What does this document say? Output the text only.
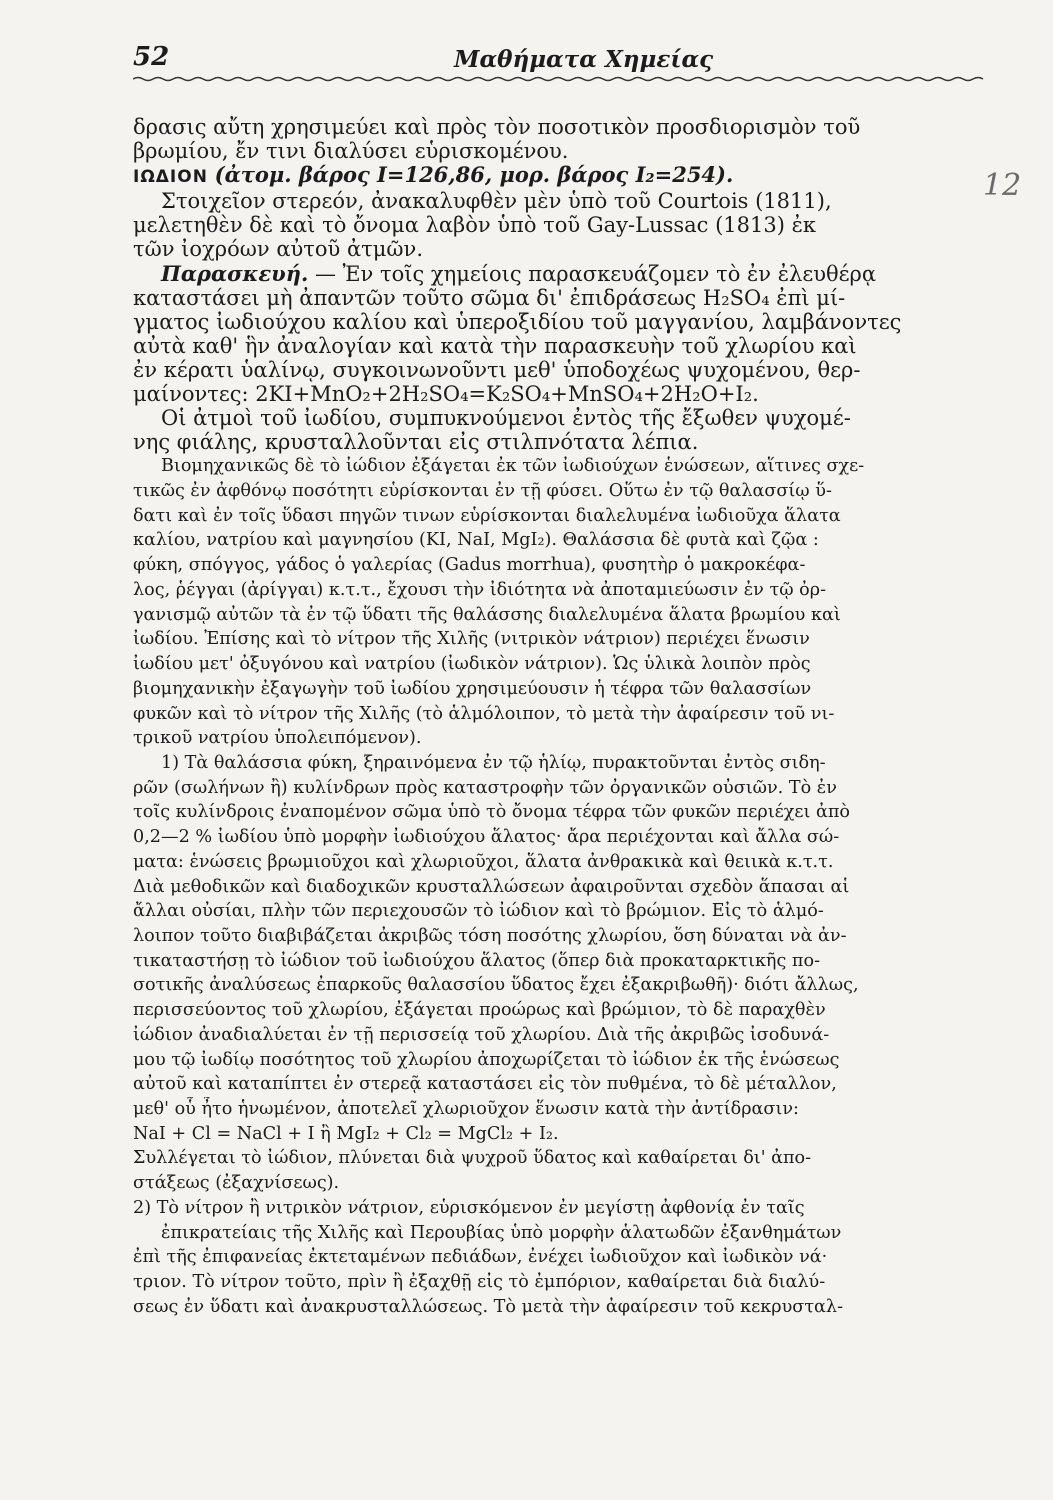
52	Μαθήματα Χημείας
12
δρασις αὔτη χρησιμεύει καὶ πρὸς τὸν ποσοτικὸν προσδιορισμὸν τοῦ
βρωμίου, ἔν τινι διαλύσει εὑρισκομένου.
ΙΩΔΙΟΝ (ἀτομ. βάρος I=126,86, μορ. βάρος I₂=254).
Στοιχεῖον στερεόν, ἀνακαλυφθὲν μὲν ὑπὸ τοῦ Courtois (1811),
μελετηθὲν δὲ καὶ τὸ ὄνομα λαβὸν ὑπὸ τοῦ Gay-Lussac (1813) ἐκ
τῶν ἰοχρόων αὐτοῦ ἀτμῶν.
Παρασκευή. — Ἐν τοῖς χημείοις παρασκευάζομεν τὸ ἐν ἐλευθέρᾳ
καταστάσει μὴ ἀπαντῶν τοῦτο σῶμα δι' ἐπιδράσεως H₂SO₄ ἐπὶ μί-
γματος ἰωδιούχου καλίου καὶ ὑπεροξιδίου τοῦ μαγγανίου, λαμβάνοντες
αὐτὰ καθ' ἣν ἀναλογίαν καὶ κατὰ τὴν παρασκευὴν τοῦ χλωρίου καὶ
ἐν κέρατι ὑαλίνῳ, συγκοινωνοῦντι μεθ' ὑποδοχέως ψυχομένου, θερ-
μαίνοντες: 2KI+MnO₂+2H₂SO₄=K₂SO₄+MnSO₄+2H₂O+I₂.
Οἱ ἀτμοὶ τοῦ ἰωδίου, συμπυκνούμενοι ἐντὸς τῆς ἔξωθεν ψυχομέ-
νης φιάλης, κρυσταλλοῦνται εἰς στιλπνότατα λέπια.
Βιομηχανικῶς δὲ τὸ ἰώδιον ἐξάγεται ἐκ τῶν ἰωδιούχων ἑνώσεων, αἵτινες σχε-
τικῶς ἐν ἀφθόνῳ ποσότητι εὑρίσκονται ἐν τῇ φύσει. Οὕτω ἐν τῷ θαλασσίῳ ὕ-
δατι καὶ ἐν τοῖς ὕδασι πηγῶν τινων εὑρίσκονται διαλελυμένα ἰωδιοῦχα ἅλατα
καλίου, νατρίου καὶ μαγνησίου (KI, NaI, MgI₂). Θαλάσσια δὲ φυτὰ καὶ ζῷα :
φύκη, σπόγγος, γάδος ὁ γαλερίας (Gadus morrhua), φυσητὴρ ὁ μακροκέφα-
λος, ῥέγγαι (ἀρίγγαι) κ.τ.τ., ἔχουσι τὴν ἰδιότητα νὰ ἀποταμιεύωσιν ἐν τῷ ὀρ-
γανισμῷ αὐτῶν τὰ ἐν τῷ ὕδατι τῆς θαλάσσης διαλελυμένα ἅλατα βρωμίου καὶ
ἰωδίου. Ἐπίσης καὶ τὸ νίτρον τῆς Χιλῆς (νιτρικὸν νάτριον) περιέχει ἕνωσιν
ἰωδίου μετ' ὀξυγόνου καὶ νατρίου (ἰωδικὸν νάτριον). Ὡς ὑλικὰ λοιπὸν πρὸς
βιομηχανικὴν ἐξαγωγὴν τοῦ ἰωδίου χρησιμεύουσιν ἡ τέφρα τῶν θαλασσίων
φυκῶν καὶ τὸ νίτρον τῆς Χιλῆς (τὸ ἁλμόλοιπον, τὸ μετὰ τὴν ἀφαίρεσιν τοῦ νι-
τρικοῦ νατρίου ὑπολειπόμενον).
1) Τὰ θαλάσσια φύκη, ξηραινόμενα ἐν τῷ ἡλίῳ, πυρακτοῦνται ἐντὸς σιδη-
ρῶν (σωλήνων ἢ) κυλίνδρων πρὸς καταστροφὴν τῶν ὀργανικῶν οὐσιῶν. Τὸ ἐν
τοῖς κυλίνδροις ἐναπομένον σῶμα ὑπὸ τὸ ὄνομα τέφρα τῶν φυκῶν περιέχει ἀπὸ
0,2—2 % ἰωδίου ὑπὸ μορφὴν ἰωδιούχου ἅλατος· ἄρα περιέχονται καὶ ἄλλα σώ-
ματα: ἑνώσεις βρωμιοῦχοι καὶ χλωριοῦχοι, ἅλατα ἀνθρακικὰ καὶ θειικὰ κ.τ.τ.
Διὰ μεθοδικῶν καὶ διαδοχικῶν κρυσταλλώσεων ἀφαιροῦνται σχεδὸν ἅπασαι αἱ
ἄλλαι οὐσίαι, πλὴν τῶν περιεχουσῶν τὸ ἰώδιον καὶ τὸ βρώμιον. Εἰς τὸ ἁλμό-
λοιπον τοῦτο διαβιβάζεται ἀκριβῶς τόση ποσότης χλωρίου, ὅση δύναται νὰ ἀν-
τικαταστήσῃ τὸ ἰώδιον τοῦ ἰωδιούχου ἅλατος (ὅπερ διὰ προκαταρκτικῆς πο-
σοτικῆς ἀναλύσεως ἐπαρκοῦς θαλασσίου ὕδατος ἔχει ἐξακριβωθῆ)· διότι ἄλλως,
περισσεύοντος τοῦ χλωρίου, ἐξάγεται προώρως καὶ βρώμιον, τὸ δὲ παραχθὲν
ἰώδιον ἀναδιαλύεται ἐν τῇ περισσείᾳ τοῦ χλωρίου. Διὰ τῆς ἀκριβῶς ἰσοδυνά-
μου τῷ ἰωδίῳ ποσότητος τοῦ χλωρίου ἀποχωρίζεται τὸ ἰώδιον ἐκ τῆς ἑνώσεως
αὐτοῦ καὶ καταπίπτει ἐν στερεᾷ καταστάσει εἰς τὸν πυθμένα, τὸ δὲ μέταλλον,
μεθ' οὗ ἦτο ἡνωμένον, ἀποτελεῖ χλωριοῦχον ἕνωσιν κατὰ τὴν ἀντίδρασιν:
NaI + Cl = NaCl + I ἢ MgI₂ + Cl₂ = MgCl₂ + I₂.
Συλλέγεται τὸ ἰώδιον, πλύνεται διὰ ψυχροῦ ὕδατος καὶ καθαίρεται δι' ἀπο-
στάξεως (ἐξαχνίσεως).
2) Τὸ νίτρον ἢ νιτρικὸν νάτριον, εὑρισκόμενον ἐν μεγίστῃ ἀφθονίᾳ ἐν ταῖς
ἐπικρατείαις τῆς Χιλῆς καὶ Περουβίας ὑπὸ μορφὴν ἁλατωδῶν ἐξανθημάτων
ἐπὶ τῆς ἐπιφανείας ἐκτεταμένων πεδιάδων, ἐνέχει ἰωδιοῦχον καὶ ἰωδικὸν νά·
τριον. Τὸ νίτρον τοῦτο, πρὶν ἢ ἐξαχθῇ εἰς τὸ ἐμπόριον, καθαίρεται διὰ διαλύ-
σεως ἐν ὕδατι καὶ ἀνακρυσταλλώσεως. Τὸ μετὰ τὴν ἀφαίρεσιν τοῦ κεκρυσταλ-
